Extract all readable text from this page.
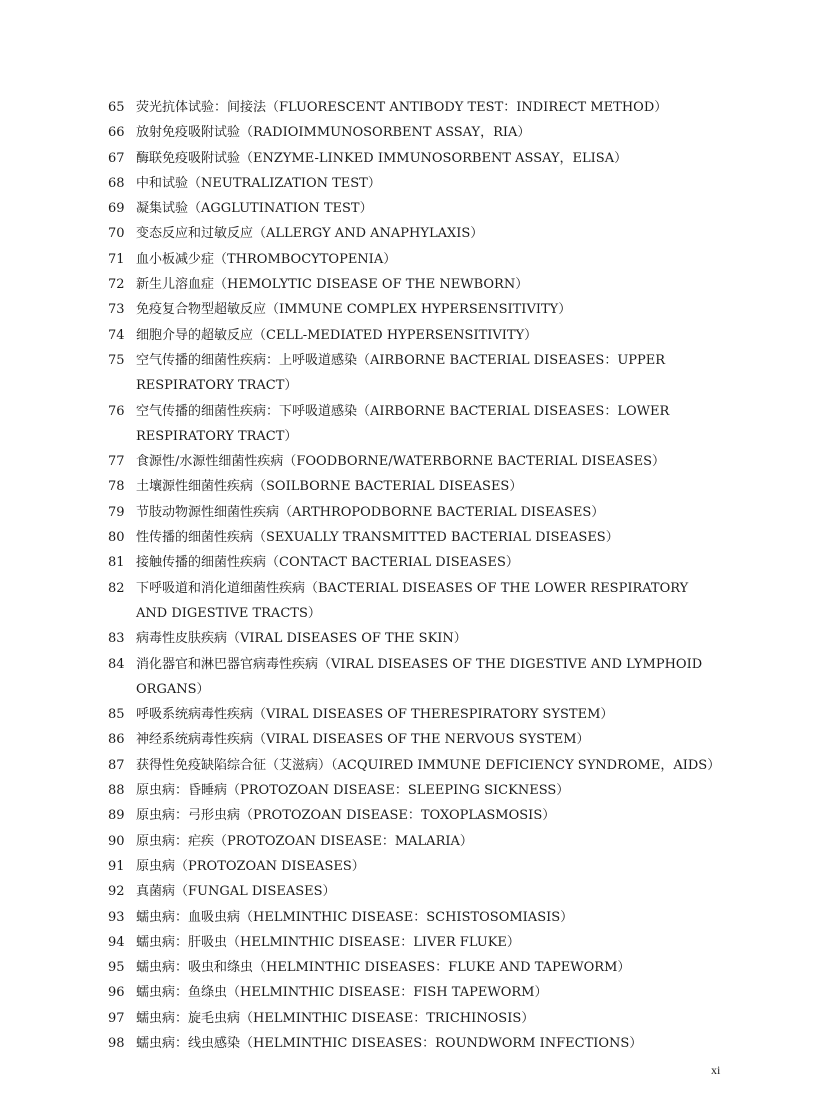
65 荧光抗体试验：间接法（FLUORESCENT ANTIBODY TEST：INDIRECT METHOD）
66 放射免疫吸附试验（RADIOIMMUNOSORBENT ASSAY，RIA）
67 酶联免疫吸附试验（ENZYME-LINKED IMMUNOSORBENT ASSAY，ELISA）
68 中和试验（NEUTRALIZATION TEST）
69 凝集试验（AGGLUTINATION TEST）
70 变态反应和过敏反应（ALLERGY AND ANAPHYLAXIS）
71 血小板减少症（THROMBOCYTOPENIA）
72 新生儿溶血症（HEMOLYTIC DISEASE OF THE NEWBORN）
73 免疫复合物型超敏反应（IMMUNE COMPLEX HYPERSENSITIVITY）
74 细胞介导的超敏反应（CELL-MEDIATED HYPERSENSITIVITY）
75 空气传播的细菌性疾病：上呼吸道感染（AIRBORNE BACTERIAL DISEASES：UPPER
RESPIRATORY TRACT）
76 空气传播的细菌性疾病：下呼吸道感染（AIRBORNE BACTERIAL DISEASES：LOWER
RESPIRATORY TRACT）
77 食源性/水源性细菌性疾病（FOODBORNE/WATERBORNE BACTERIAL DISEASES）
78 土壤源性细菌性疾病（SOILBORNE BACTERIAL DISEASES）
79 节肢动物源性细菌性疾病（ARTHROPODBORNE BACTERIAL DISEASES）
80 性传播的细菌性疾病（SEXUALLY TRANSMITTED BACTERIAL DISEASES）
81 接触传播的细菌性疾病（CONTACT BACTERIAL DISEASES）
82 下呼吸道和消化道细菌性疾病（BACTERIAL DISEASES OF THE LOWER RESPIRATORY
AND DIGESTIVE TRACTS）
83 病毒性皮肤疾病（VIRAL DISEASES OF THE SKIN）
84 消化器官和淋巴器官病毒性疾病（VIRAL DISEASES OF THE DIGESTIVE AND LYMPHOID
ORGANS）
85 呼吸系统病毒性疾病（VIRAL DISEASES OF THERESPIRATORY SYSTEM）
86 神经系统病毒性疾病（VIRAL DISEASES OF THE NERVOUS SYSTEM）
87 获得性免疫缺陷综合征（艾滋病）（ACQUIRED IMMUNE DEFICIENCY SYNDROME，AIDS）
88 原虫病：昏睡病（PROTOZOAN DISEASE：SLEEPING SICKNESS）
89 原虫病：弓形虫病（PROTOZOAN DISEASE：TOXOPLASMOSIS）
90 原虫病：疟疾（PROTOZOAN DISEASE：MALARIA）
91 原虫病（PROTOZOAN DISEASES）
92 真菌病（FUNGAL DISEASES）
93 蠕虫病：血吸虫病（HELMINTHIC DISEASE：SCHISTOSOMIASIS）
94 蠕虫病：肝吸虫（HELMINTHIC DISEASE：LIVER FLUKE）
95 蠕虫病：吸虫和绦虫（HELMINTHIC DISEASES：FLUKE AND TAPEWORM）
96 蠕虫病：鱼绦虫（HELMINTHIC DISEASE：FISH TAPEWORM）
97 蠕虫病：旋毛虫病（HELMINTHIC DISEASE：TRICHINOSIS）
98 蠕虫病：线虫感染（HELMINTHIC DISEASES：ROUNDWORM INFECTIONS）
xi
